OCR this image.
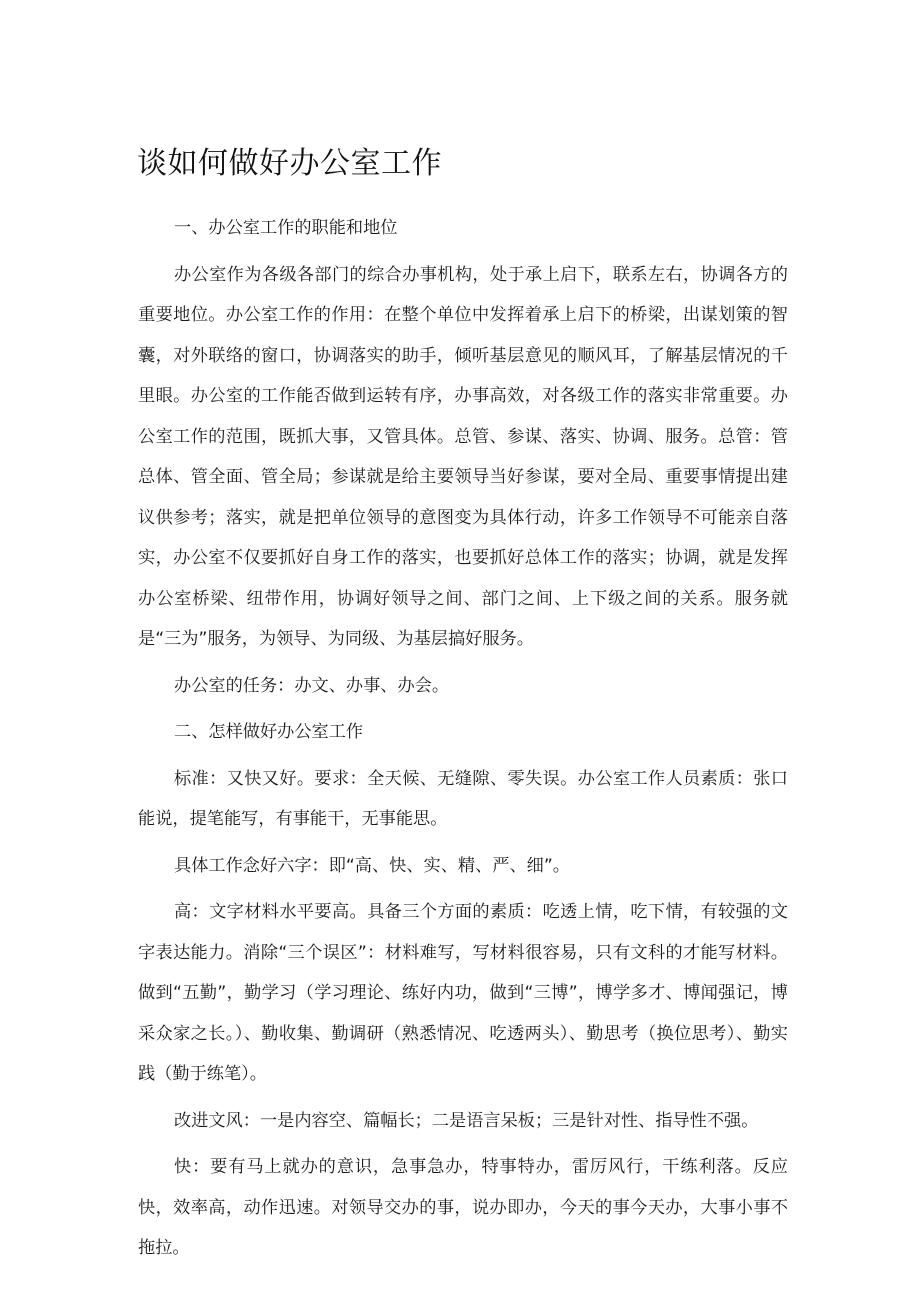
谈如何做好办公室工作

一、办公室工作的职能和地位

办公室作为各级各部门的综合办事机构，处于承上启下，联系左右，协调各方的重要地位。办公室工作的作用：在整个单位中发挥着承上启下的桥梁，出谋划策的智囊，对外联络的窗口，协调落实的助手，倾听基层意见的顺风耳，了解基层情况的千里眼。办公室的工作能否做到运转有序，办事高效，对各级工作的落实非常重要。办公室工作的范围，既抓大事，又管具体。总管、参谋、落实、协调、服务。总管：管总体、管全面、管全局；参谋就是给主要领导当好参谋，要对全局、重要事情提出建议供参考；落实，就是把单位领导的意图变为具体行动，许多工作领导不可能亲自落实，办公室不仅要抓好自身工作的落实，也要抓好总体工作的落实；协调，就是发挥办公室桥梁、纽带作用，协调好领导之间、部门之间、上下级之间的关系。服务就是“三为”服务，为领导、为同级、为基层搞好服务。

办公室的任务：办文、办事、办会。

二、怎样做好办公室工作

标准：又快又好。要求：全天候、无缝隙、零失误。办公室工作人员素质：张口能说，提笔能写，有事能干，无事能思。

具体工作念好六字：即“高、快、实、精、严、细”。

高：文字材料水平要高。具备三个方面的素质：吃透上情，吃下情，有较强的文字表达能力。消除“三个误区”：材料难写，写材料很容易，只有文科的才能写材料。做到“五勤”，勤学习（学习理论、练好内功，做到“三博”，博学多才、博闻强记，博采众家之长。）、勤收集、勤调研（熟悉情况、吃透两头）、勤思考（换位思考）、勤实践（勤于练笔）。

改进文风：一是内容空、篇幅长；二是语言呆板；三是针对性、指导性不强。

快：要有马上就办的意识，急事急办，特事特办，雷厉风行，干练利落。反应快，效率高，动作迅速。对领导交办的事，说办即办，今天的事今天办，大事小事不拖拉。
